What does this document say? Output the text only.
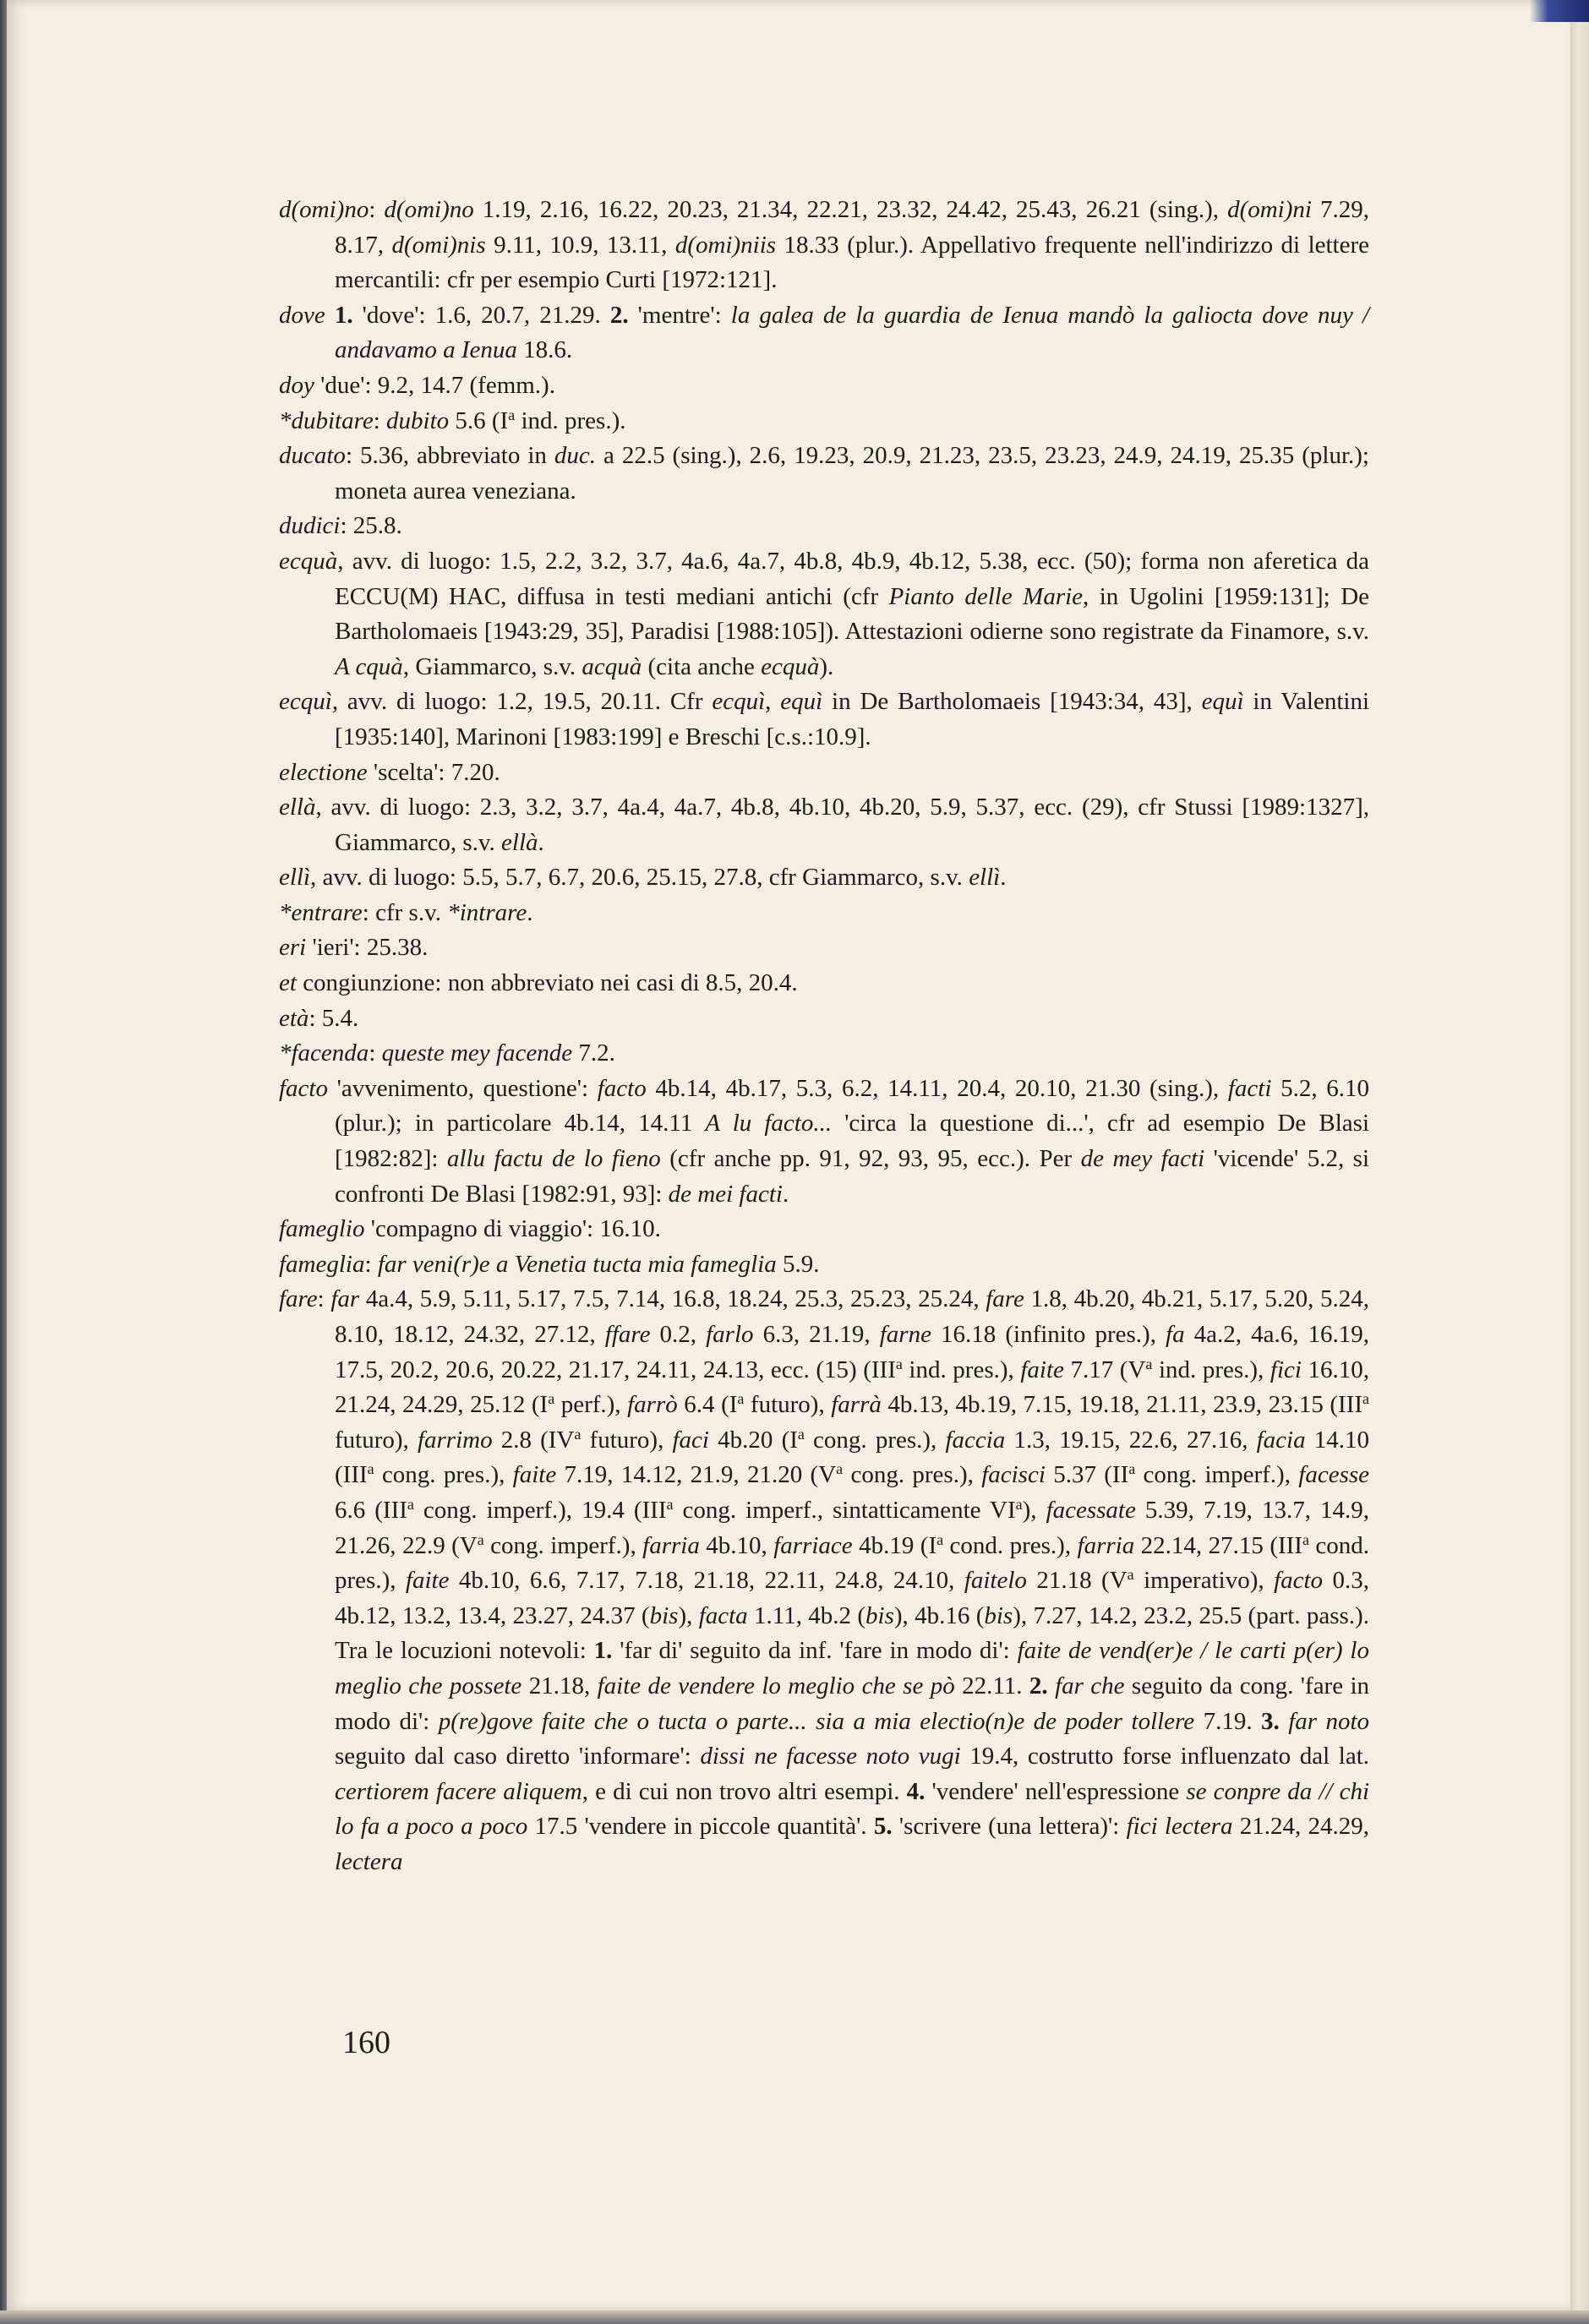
d(omi)no: d(omi)no 1.19, 2.16, 16.22, 20.23, 21.34, 22.21, 23.32, 24.42, 25.43, 26.21 (sing.), d(omi)ni 7.29, 8.17, d(omi)nis 9.11, 10.9, 13.11, d(omi)niis 18.33 (plur.). Appellativo frequente nell'indirizzo di lettere mercantili: cfr per esempio Curti [1972:121].

dove 1. 'dove': 1.6, 20.7, 21.29. 2. 'mentre': la galea de la guardia de Ienua mandò la galiocta dove nuy / andavamo a Ienua 18.6.

doy 'due': 9.2, 14.7 (femm.).

*dubitare: dubito 5.6 ($I^a$ ind. pres.).

ducato: 5.36, abbreviato in duc. a 22.5 (sing.), 2.6, 19.23, 20.9, 21.23, 23.5, 23.23, 24.9, 24.19, 25.35 (plur.); moneta aurea veneziana.

dudici: 25.8.

ecquà, avv. di luogo: 1.5, 2.2, 3.2, 3.7, 4a.6, 4a.7, 4b.8, 4b.9, 4b.12, 5.38, ecc. (50); forma non aferetica da ECCU(M) HAC, diffusa in testi mediani antichi (cfr Pianto delle Marie, in Ugolini [1959:131]; De Bartholomaeis [1943:29, 35], Paradisi [1988:105]). Attestazioni odierne sono registrate da Finamore, s.v. A cquà, Giammarco, s.v. acquà (cita anche ecquà).

ecquì, avv. di luogo: 1.2, 19.5, 20.11. Cfr ecquì, equì in De Bartholomaeis [1943:34, 43], equì in Valentini [1935:140], Marinoni [1983:199] e Breschi [c.s.:10.9].

electione 'scelta': 7.20.

ellà, avv. di luogo: 2.3, 3.2, 3.7, 4a.4, 4a.7, 4b.8, 4b.10, 4b.20, 5.9, 5.37, ecc. (29), cfr Stussi [1989:1327], Giammarco, s.v. ellà.

ellì, avv. di luogo: 5.5, 5.7, 6.7, 20.6, 25.15, 27.8, cfr Giammarco, s.v. ellì.

*entrare: cfr s.v. *intrare.

eri 'ieri': 25.38.

et congiunzione: non abbreviato nei casi di 8.5, 20.4.

età: 5.4.

*facenda: queste mey facende 7.2.

facto 'avvenimento, questione': facto 4b.14, 4b.17, 5.3, 6.2, 14.11, 20.4, 20.10, 21.30 (sing.), facti 5.2, 6.10 (plur.); in particolare 4b.14, 14.11 A lu facto... 'circa la questione di...', cfr ad esempio De Blasi [1982:82]: allu factu de lo fieno (cfr anche pp. 91, 92, 93, 95, ecc.). Per de mey facti 'vicende' 5.2, si confronti De Blasi [1982:91, 93]: de mei facti.

fameglio 'compagno di viaggio': 16.10.

fameglia: far veni(r)e a Venetia tucta mia fameglia 5.9.

fare: far 4a.4, 5.9, 5.11, 5.17, 7.5, 7.14, 16.8, 18.24, 25.3, 25.23, 25.24, fare 1.8, 4b.20, 4b.21, 5.17, 5.20, 5.24, 8.10, 18.12, 24.32, 27.12, ffare 0.2, farlo 6.3, 21.19, farne 16.18 (infinito pres.), fa 4a.2, 4a.6, 16.19, 17.5, 20.2, 20.6, 20.22, 21.17, 24.11, 24.13, ecc. (15) (III$^a$ ind. pres.), faite 7.17 ($V^a$ ind. pres.), fici 16.10, 21.24, 24.29, 25.12 ($I^a$ perf.), farrò 6.4 ($I^a$ futuro), farrà 4b.13, 4b.19, 7.15, 19.18, 21.11, 23.9, 23.15 (III$^a$ futuro), farrimo 2.8 ($IV^a$ futuro), faci 4b.20 ($I^a$ cong. pres.), faccia 1.3, 19.15, 22.6, 27.16, facia 14.10 (III$^a$ cong. pres.), faite 7.19, 14.12, 21.9, 21.20 ($V^a$ cong. pres.), facisci 5.37 ($II^a$ cong. imperf.), facesse 6.6 (III$^a$ cong. imperf.), 19.4 (III$^a$ cong. imperf., sintatticamente $VI^a$), facessate 5.39, 7.19, 13.7, 14.9, 21.26, 22.9 ($V^a$ cong. imperf.), farria 4b.10, farriace 4b.19 ($I^a$ cond. pres.), farria 22.14, 27.15 (III$^a$ cond. pres.), faite 4b.10, 6.6, 7.17, 7.18, 21.18, 22.11, 24.8, 24.10, faitelo 21.18 ($V^a$ imperativo), facto 0.3, 4b.12, 13.2, 13.4, 23.27, 24.37 (bis), facta 1.11, 4b.2 (bis), 4b.16 (bis), 7.27, 14.2, 23.2, 25.5 (part. pass.). Tra le locuzioni notevoli: 1. 'far di' seguito da inf. 'fare in modo di': faite de vend(er)e / le carti p(er) lo meglio che possete 21.18, faite de vendere lo meglio che se pò 22.11. 2. far che seguito da cong. 'fare in modo di': p(re)gove faite che o tucta o parte... sia a mia electio(n)e de poder tollere 7.19. 3. far noto seguito dal caso diretto 'informare': dissi ne facesse noto vugi 19.4, costrutto forse influenzato dal lat. certiorem facere aliquem, e di cui non trovo altri esempi. 4. 'vendere' nell'espressione se conpre da // chi lo fa a poco a poco 17.5 'vendere in piccole quantità'. 5. 'scrivere (una lettera)': fici lectera 21.24, 24.29, lectera

160
